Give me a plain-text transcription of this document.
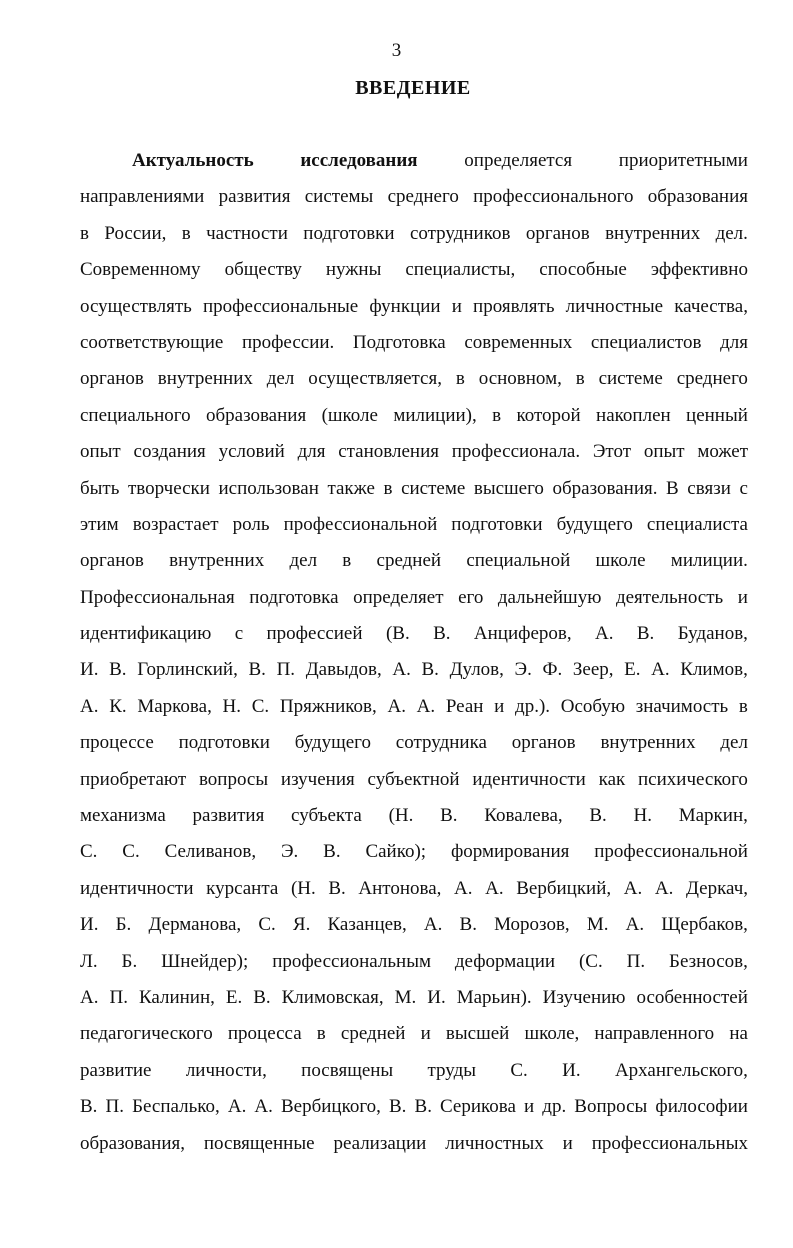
3
ВВЕДЕНИЕ
Актуальность исследования определяется приоритетными
направлениями развития системы среднего профессионального образования
в России, в частности подготовки сотрудников органов внутренних дел.
Современному обществу нужны специалисты, способные эффективно
осуществлять профессиональные функции и проявлять личностные качества,
соответствующие профессии. Подготовка современных специалистов для
органов внутренних дел осуществляется, в основном, в системе среднего
специального образования (школе милиции), в которой накоплен ценный
опыт создания условий для становления профессионала. Этот опыт может
быть творчески использован также в системе высшего образования. В связи с
этим возрастает роль профессиональной подготовки будущего специалиста
органов внутренних дел в средней специальной школе милиции.
Профессиональная подготовка определяет его дальнейшую деятельность и
идентификацию с профессией (В. В. Анциферов, А. В. Буданов,
И. В. Горлинский, В. П. Давыдов, А. В. Дулов, Э. Ф. Зеер, Е. А. Климов,
А. К. Маркова, Н. С. Пряжников, А. А. Реан и др.). Особую значимость в
процессе подготовки будущего сотрудника органов внутренних дел
приобретают вопросы изучения субъектной идентичности как психического
механизма развития субъекта (Н. В. Ковалева, В. Н. Маркин,
С. С. Селиванов, Э. В. Сайко); формирования профессиональной
идентичности курсанта (Н. В. Антонова, А. А. Вербицкий, А. А. Деркач,
И. Б. Дерманова, С. Я. Казанцев, А. В. Морозов, М. А. Щербаков,
Л. Б. Шнейдер); профессиональным деформации (С. П. Безносов,
А. П. Калинин, Е. В. Климовская, М. И. Марьин). Изучению особенностей
педагогического процесса в средней и высшей школе, направленного на
развитие личности, посвящены труды С. И. Архангельского,
В. П. Беспалько, А. А. Вербицкого, В. В. Серикова и др. Вопросы философии
образования, посвященные реализации личностных и профессиональных
